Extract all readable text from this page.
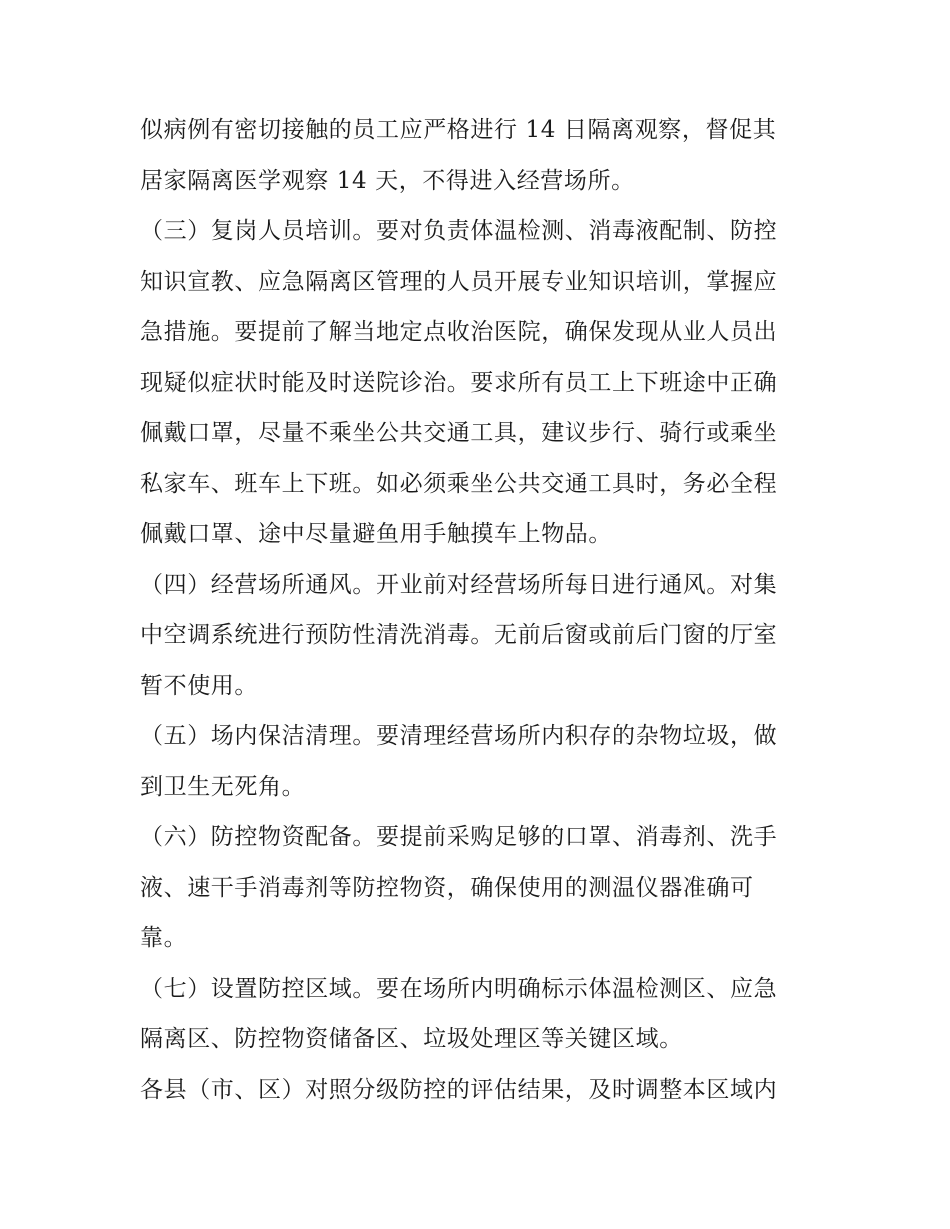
似病例有密切接触的员工应严格进行 14 日隔离观察，督促其
居家隔离医学观察 14 天，不得进入经营场所。
（三）复岗人员培训。要对负责体温检测、消毒液配制、防控
知识宣教、应急隔离区管理的人员开展专业知识培训，掌握应
急措施。要提前了解当地定点收治医院，确保发现从业人员出
现疑似症状时能及时送院诊治。要求所有员工上下班途中正确
佩戴口罩，尽量不乘坐公共交通工具，建议步行、骑行或乘坐
私家车、班车上下班。如必须乘坐公共交通工具时，务必全程
佩戴口罩、途中尽量避鱼用手触摸车上物品。
（四）经营场所通风。开业前对经营场所每日进行通风。对集
中空调系统进行预防性清洗消毒。无前后窗或前后门窗的厅室
暂不使用。
（五）场内保洁清理。要清理经营场所内积存的杂物垃圾，做
到卫生无死角。
（六）防控物资配备。要提前采购足够的口罩、消毒剂、洗手
液、速干手消毒剂等防控物资，确保使用的测温仪器准确可
靠。
（七）设置防控区域。要在场所内明确标示体温检测区、应急
隔离区、防控物资储备区、垃圾处理区等关键区域。
各县（市、区）对照分级防控的评估结果，及时调整本区域内
